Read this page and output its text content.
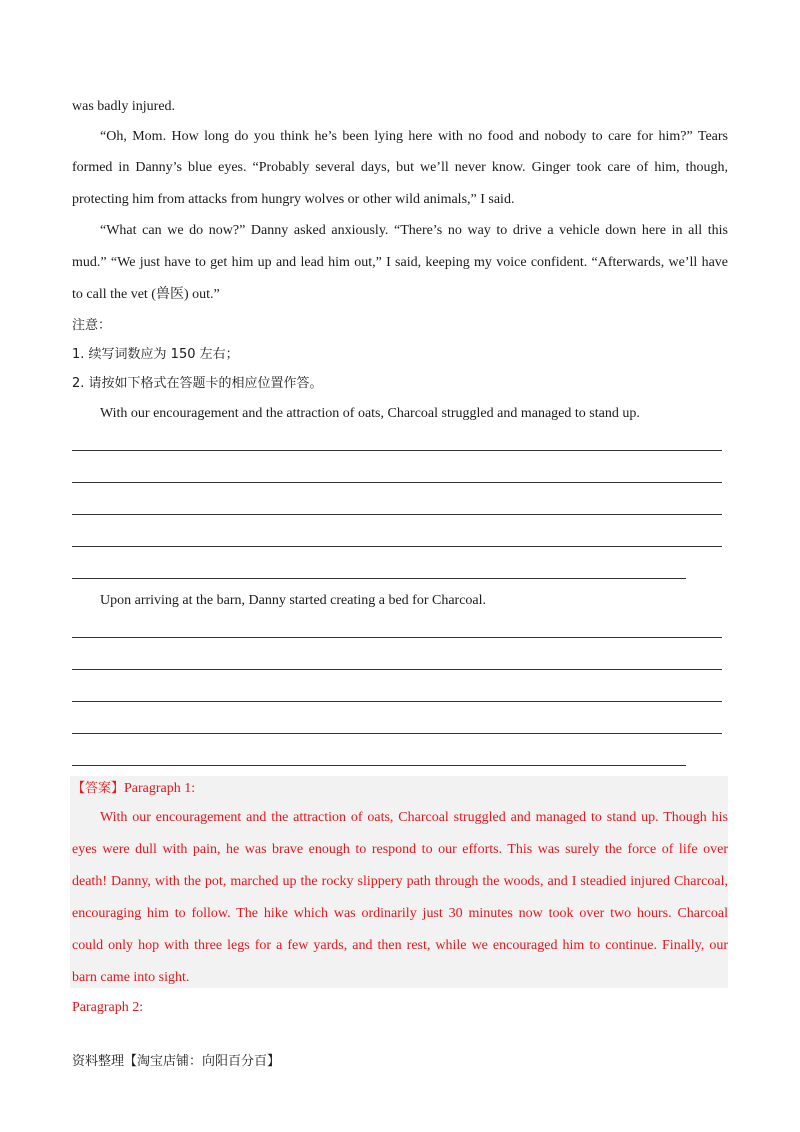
was badly injured.
“Oh, Mom. How long do you think he’s been lying here with no food and nobody to care for him?” Tears
formed in Danny’s blue eyes. “Probably several days, but we’ll never know. Ginger took care of him, though,
protecting him from attacks from hungry wolves or other wild animals,” I said.
“What can we do now?” Danny asked anxiously. “There’s no way to drive a vehicle down here in all this
mud.” “We just have to get him up and lead him out,” I said, keeping my voice confident. “Afterwards, we’ll have
to call the vet (兽医) out.”
注意：
1. 续写词数应为 150 左右；
2. 请按如下格式在答题卡的相应位置作答。
With our encouragement and the attraction of oats, Charcoal struggled and managed to stand up.
Upon arriving at the barn, Danny started creating a bed for Charcoal.
【答案】Paragraph 1:
With our encouragement and the attraction of oats, Charcoal struggled and managed to stand up. Though his
eyes were dull with pain, he was brave enough to respond to our efforts. This was surely the force of life over
death! Danny, with the pot, marched up the rocky slippery path through the woods, and I steadied injured Charcoal,
encouraging him to follow. The hike which was ordinarily just 30 minutes now took over two hours. Charcoal
could only hop with three legs for a few yards, and then rest, while we encouraged him to continue. Finally, our
barn came into sight.
Paragraph 2:
资料整理【淘宝店铺：向阳百分百】
